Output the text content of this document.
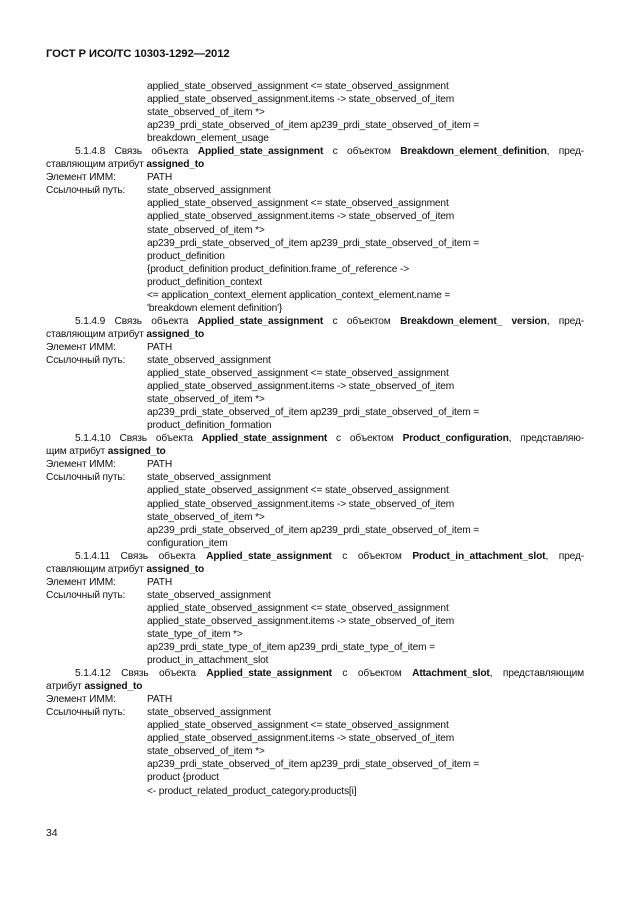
ГОСТ Р ИСО/ТС 10303-1292—2012
applied_state_observed_assignment <= state_observed_assignment
applied_state_observed_assignment.items -> state_observed_of_item
state_observed_of_item *>
ap239_prdi_state_observed_of_item ap239_prdi_state_observed_of_item =
breakdown_element_usage
5.1.4.8 Связь объекта Applied_state_assignment с объектом Breakdown_element_definition, пред-
ставляющим атрибут assigned_to
Элемент ИММ:	PATH
Ссылочный путь:	state_observed_assignment
applied_state_observed_assignment <= state_observed_assignment
applied_state_observed_assignment.items -> state_observed_of_item
state_observed_of_item *>
ap239_prdi_state_observed_of_item ap239_prdi_state_observed_of_item =
product_definition
{product_definition product_definition.frame_of_reference ->
product_definition_context
<= application_context_element application_context_element.name =
'breakdown element definition'}
5.1.4.9 Связь объекта Applied_state_assignment с объектом Breakdown_element_ version, пред-
ставляющим атрибут assigned_to
Элемент ИММ:	PATH
Ссылочный путь:	state_observed_assignment
applied_state_observed_assignment <= state_observed_assignment
applied_state_observed_assignment.items -> state_observed_of_item
state_observed_of_item *>
ap239_prdi_state_observed_of_item ap239_prdi_state_observed_of_item =
product_definition_formation
5.1.4.10 Связь объекта Applied_state_assignment с объектом Product_configuration, представляю-
щим атрибут assigned_to
Элемент ИММ:	PATH
Ссылочный путь:	state_observed_assignment
applied_state_observed_assignment <= state_observed_assignment
applied_state_observed_assignment.items -> state_observed_of_item
state_observed_of_item *>
ap239_prdi_state_observed_of_item ap239_prdi_state_observed_of_item =
configuration_item
5.1.4.11 Связь объекта Applied_state_assignment с объектом Product_in_attachment_slot, пред-
ставляющим атрибут assigned_to
Элемент ИММ:	PATH
Ссылочный путь:	state_observed_assignment
applied_state_observed_assignment <= state_observed_assignment
applied_state_observed_assignment.items -> state_observed_of_item
state_type_of_item *>
ap239_prdi_state_type_of_item ap239_prdi_state_type_of_item =
product_in_attachment_slot
5.1.4.12 Связь объекта Applied_state_assignment с объектом Attachment_slot, представляющим
атрибут assigned_to
Элемент ИММ:	PATH
Ссылочный путь:	state_observed_assignment
applied_state_observed_assignment <= state_observed_assignment
applied_state_observed_assignment.items -> state_observed_of_item
state_observed_of_item *>
ap239_prdi_state_observed_of_item ap239_prdi_state_observed_of_item =
product {product
<- product_related_product_category.products[i]
34
